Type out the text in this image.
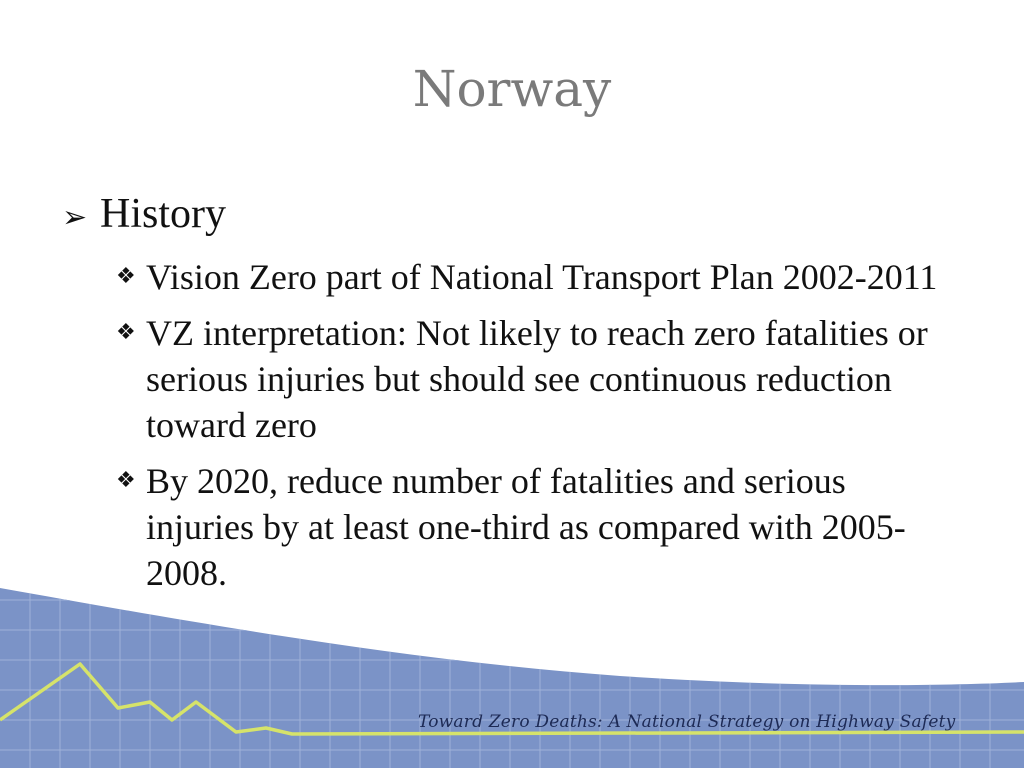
Norway
➢ History
❖ Vision Zero part of National Transport Plan 2002-2011
❖ VZ interpretation: Not likely to reach zero fatalities or serious injuries but should see continuous reduction toward zero
❖ By 2020, reduce number of fatalities and serious injuries by at least one-third as compared with 2005-2008.
Toward Zero Deaths: A National Strategy on Highway Safety
